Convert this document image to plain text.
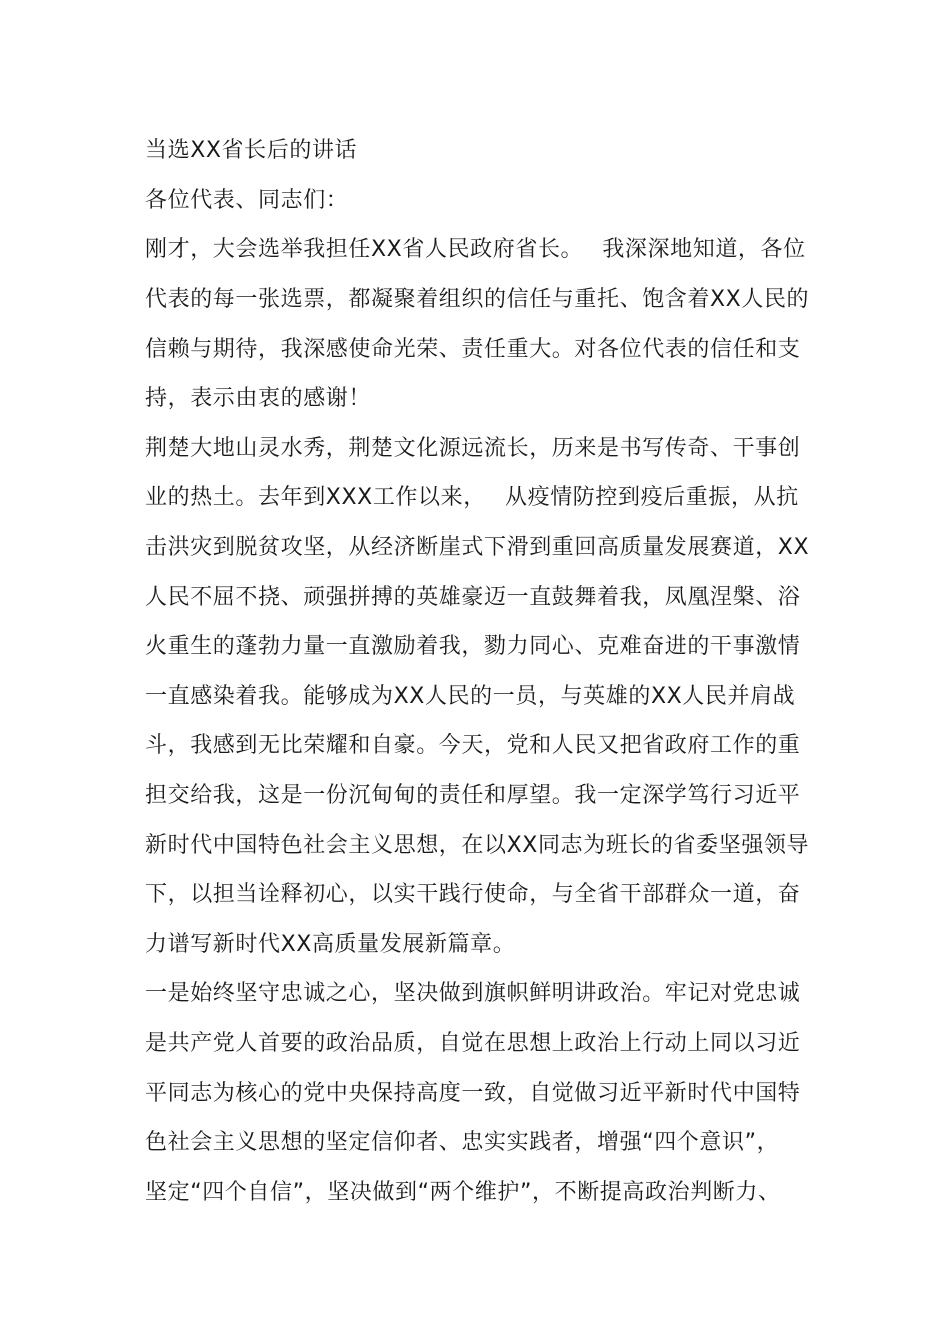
当选XX省长后的讲话
各位代表、同志们：
刚才，大会选举我担任XX省人民政府省长。　 我深深地知道，各位
代表的每一张选票，都凝聚着组织的信任与重托、饱含着XX人民的
信赖与期待，我深感使命光荣、责任重大。对各位代表的信任和支
持，表示由衷的感谢！
荆楚大地山灵水秀，荆楚文化源远流长，历来是书写传奇、干事创
业的热土。去年到XXX工作以来，　 从疫情防控到疫后重振，从抗
击洪灾到脱贫攻坚，从经济断崖式下滑到重回高质量发展赛道，XX
人民不屈不挠、顽强拼搏的英雄豪迈一直鼓舞着我，凤凰涅槃、浴
火重生的蓬勃力量一直激励着我，勠力同心、克难奋进的干事激情
一直感染着我。能够成为XX人民的一员，与英雄的XX人民并肩战
斗，我感到无比荣耀和自豪。今天，党和人民又把省政府工作的重
担交给我，这是一份沉甸甸的责任和厚望。我一定深学笃行习近平
新时代中国特色社会主义思想，在以XX同志为班长的省委坚强领导
下，以担当诠释初心，以实干践行使命，与全省干部群众一道，奋
力谱写新时代XX高质量发展新篇章。
一是始终坚守忠诚之心，坚决做到旗帜鲜明讲政治。牢记对党忠诚
是共产党人首要的政治品质，自觉在思想上政治上行动上同以习近
平同志为核心的党中央保持高度一致，自觉做习近平新时代中国特
色社会主义思想的坚定信仰者、忠实实践者，增强“四个意识”，
坚定“四个自信”，坚决做到“两个维护”，不断提高政治判断力、
